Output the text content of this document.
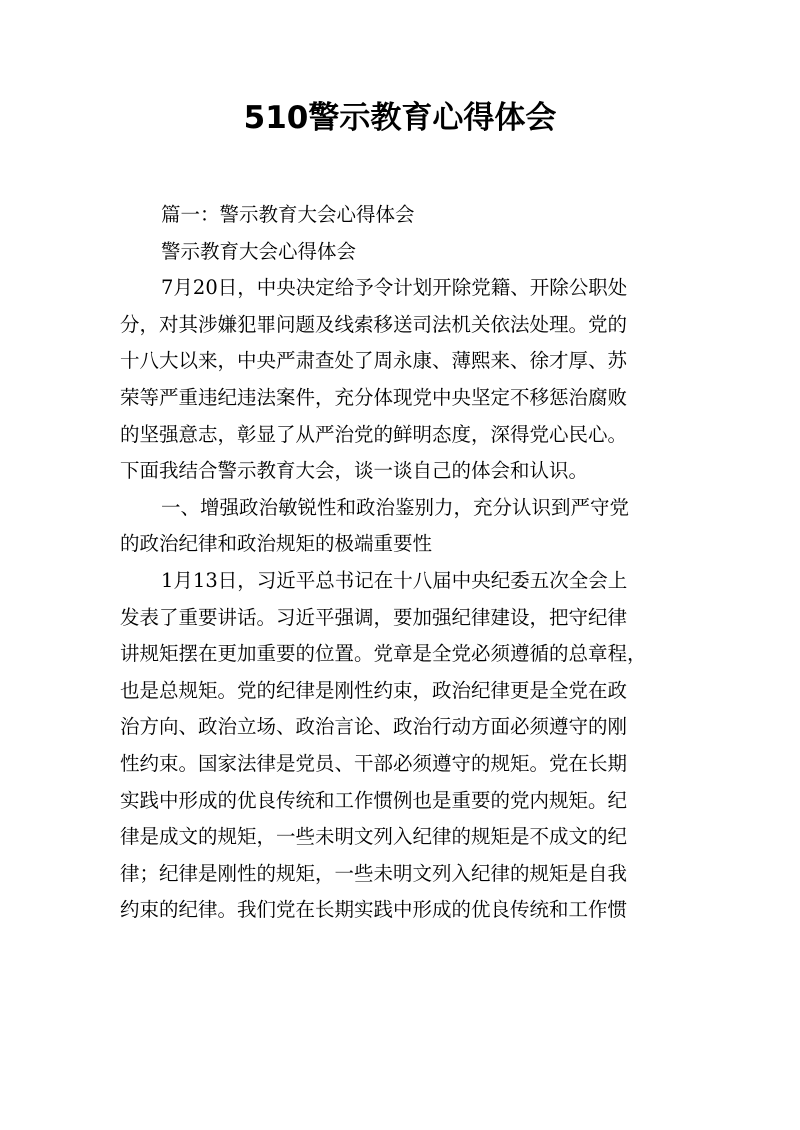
510警示教育心得体会
篇一：警示教育大会心得体会
警示教育大会心得体会
7月20日，中央决定给予令计划开除党籍、开除公职处
分，对其涉嫌犯罪问题及线索移送司法机关依法处理。党的
十八大以来，中央严肃查处了周永康、薄熙来、徐才厚、苏
荣等严重违纪违法案件，充分体现党中央坚定不移惩治腐败
的坚强意志，彰显了从严治党的鲜明态度，深得党心民心。
下面我结合警示教育大会，谈一谈自己的体会和认识。
一、增强政治敏锐性和政治鉴别力，充分认识到严守党
的政治纪律和政治规矩的极端重要性
1月13日，习近平总书记在十八届中央纪委五次全会上
发表了重要讲话。习近平强调，要加强纪律建设，把守纪律
讲规矩摆在更加重要的位置。党章是全党必须遵循的总章程，
也是总规矩。党的纪律是刚性约束，政治纪律更是全党在政
治方向、政治立场、政治言论、政治行动方面必须遵守的刚
性约束。国家法律是党员、干部必须遵守的规矩。党在长期
实践中形成的优良传统和工作惯例也是重要的党内规矩。纪
律是成文的规矩，一些未明文列入纪律的规矩是不成文的纪
律；纪律是刚性的规矩，一些未明文列入纪律的规矩是自我
约束的纪律。我们党在长期实践中形成的优良传统和工作惯
